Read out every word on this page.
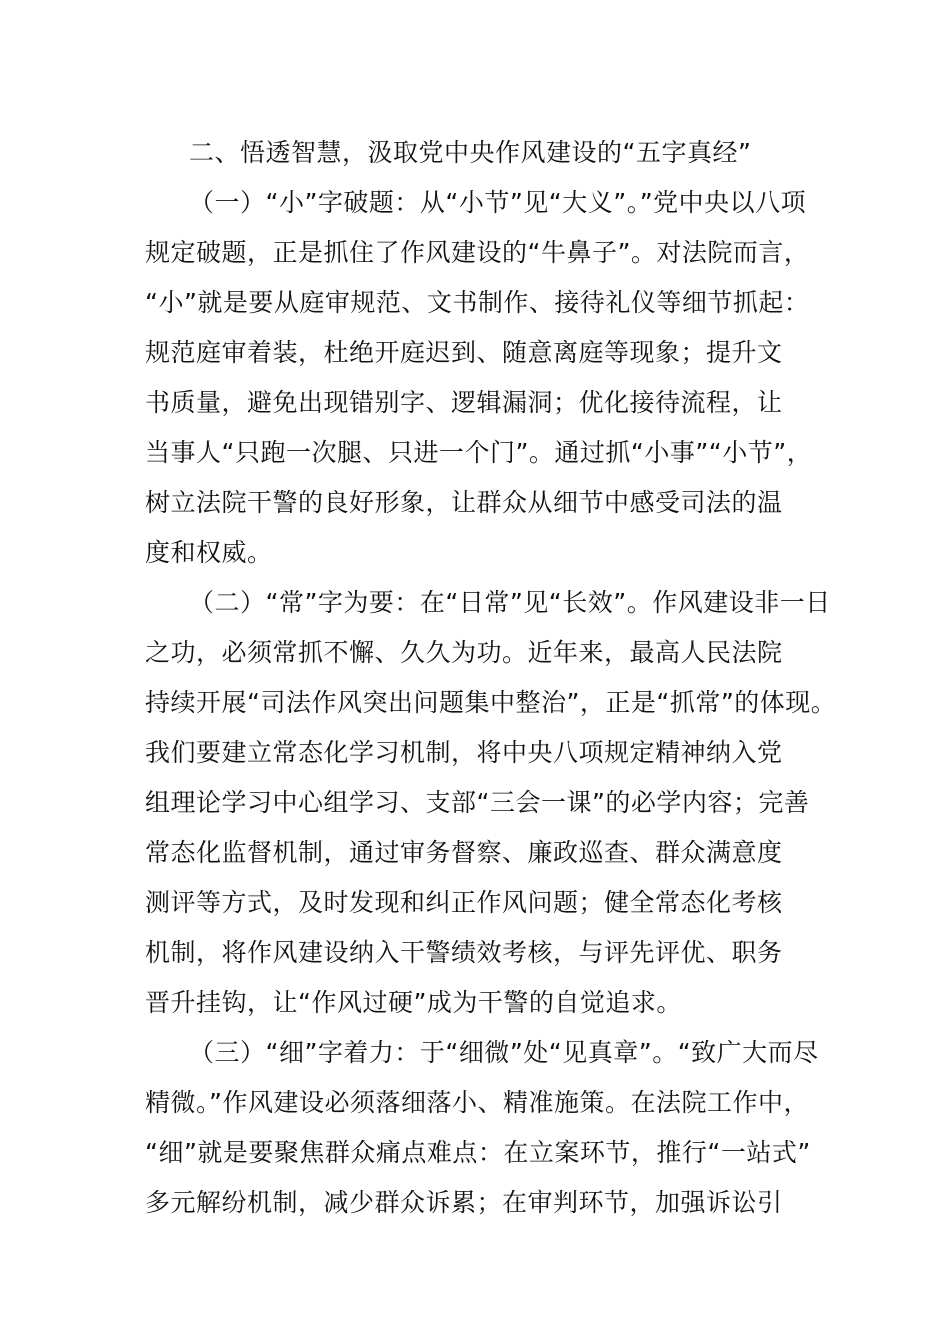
二、悟透智慧，汲取党中央作风建设的“五字真经”
（一）“小”字破题：从“小节”见“大义”。”党中央以八项
规定破题，正是抓住了作风建设的“牛鼻子”。对法院而言，
“小”就是要从庭审规范、文书制作、接待礼仪等细节抓起：
规范庭审着装，杜绝开庭迟到、随意离庭等现象；提升文
书质量，避免出现错别字、逻辑漏洞；优化接待流程，让
当事人“只跑一次腿、只进一个门”。通过抓“小事”“小节”，
树立法院干警的良好形象，让群众从细节中感受司法的温
度和权威。
（二）“常”字为要：在“日常”见“长效”。作风建设非一日
之功，必须常抓不懈、久久为功。近年来，最高人民法院
持续开展“司法作风突出问题集中整治”，正是“抓常”的体现。
我们要建立常态化学习机制，将中央八项规定精神纳入党
组理论学习中心组学习、支部“三会一课”的必学内容；完善
常态化监督机制，通过审务督察、廉政巡查、群众满意度
测评等方式，及时发现和纠正作风问题；健全常态化考核
机制，将作风建设纳入干警绩效考核，与评先评优、职务
晋升挂钩，让“作风过硬”成为干警的自觉追求。
（三）“细”字着力：于“细微”处“见真章”。“致广大而尽
精微。”作风建设必须落细落小、精准施策。在法院工作中，
“细”就是要聚焦群众痛点难点：在立案环节，推行“一站式”
多元解纷机制，减少群众诉累；在审判环节，加强诉讼引
